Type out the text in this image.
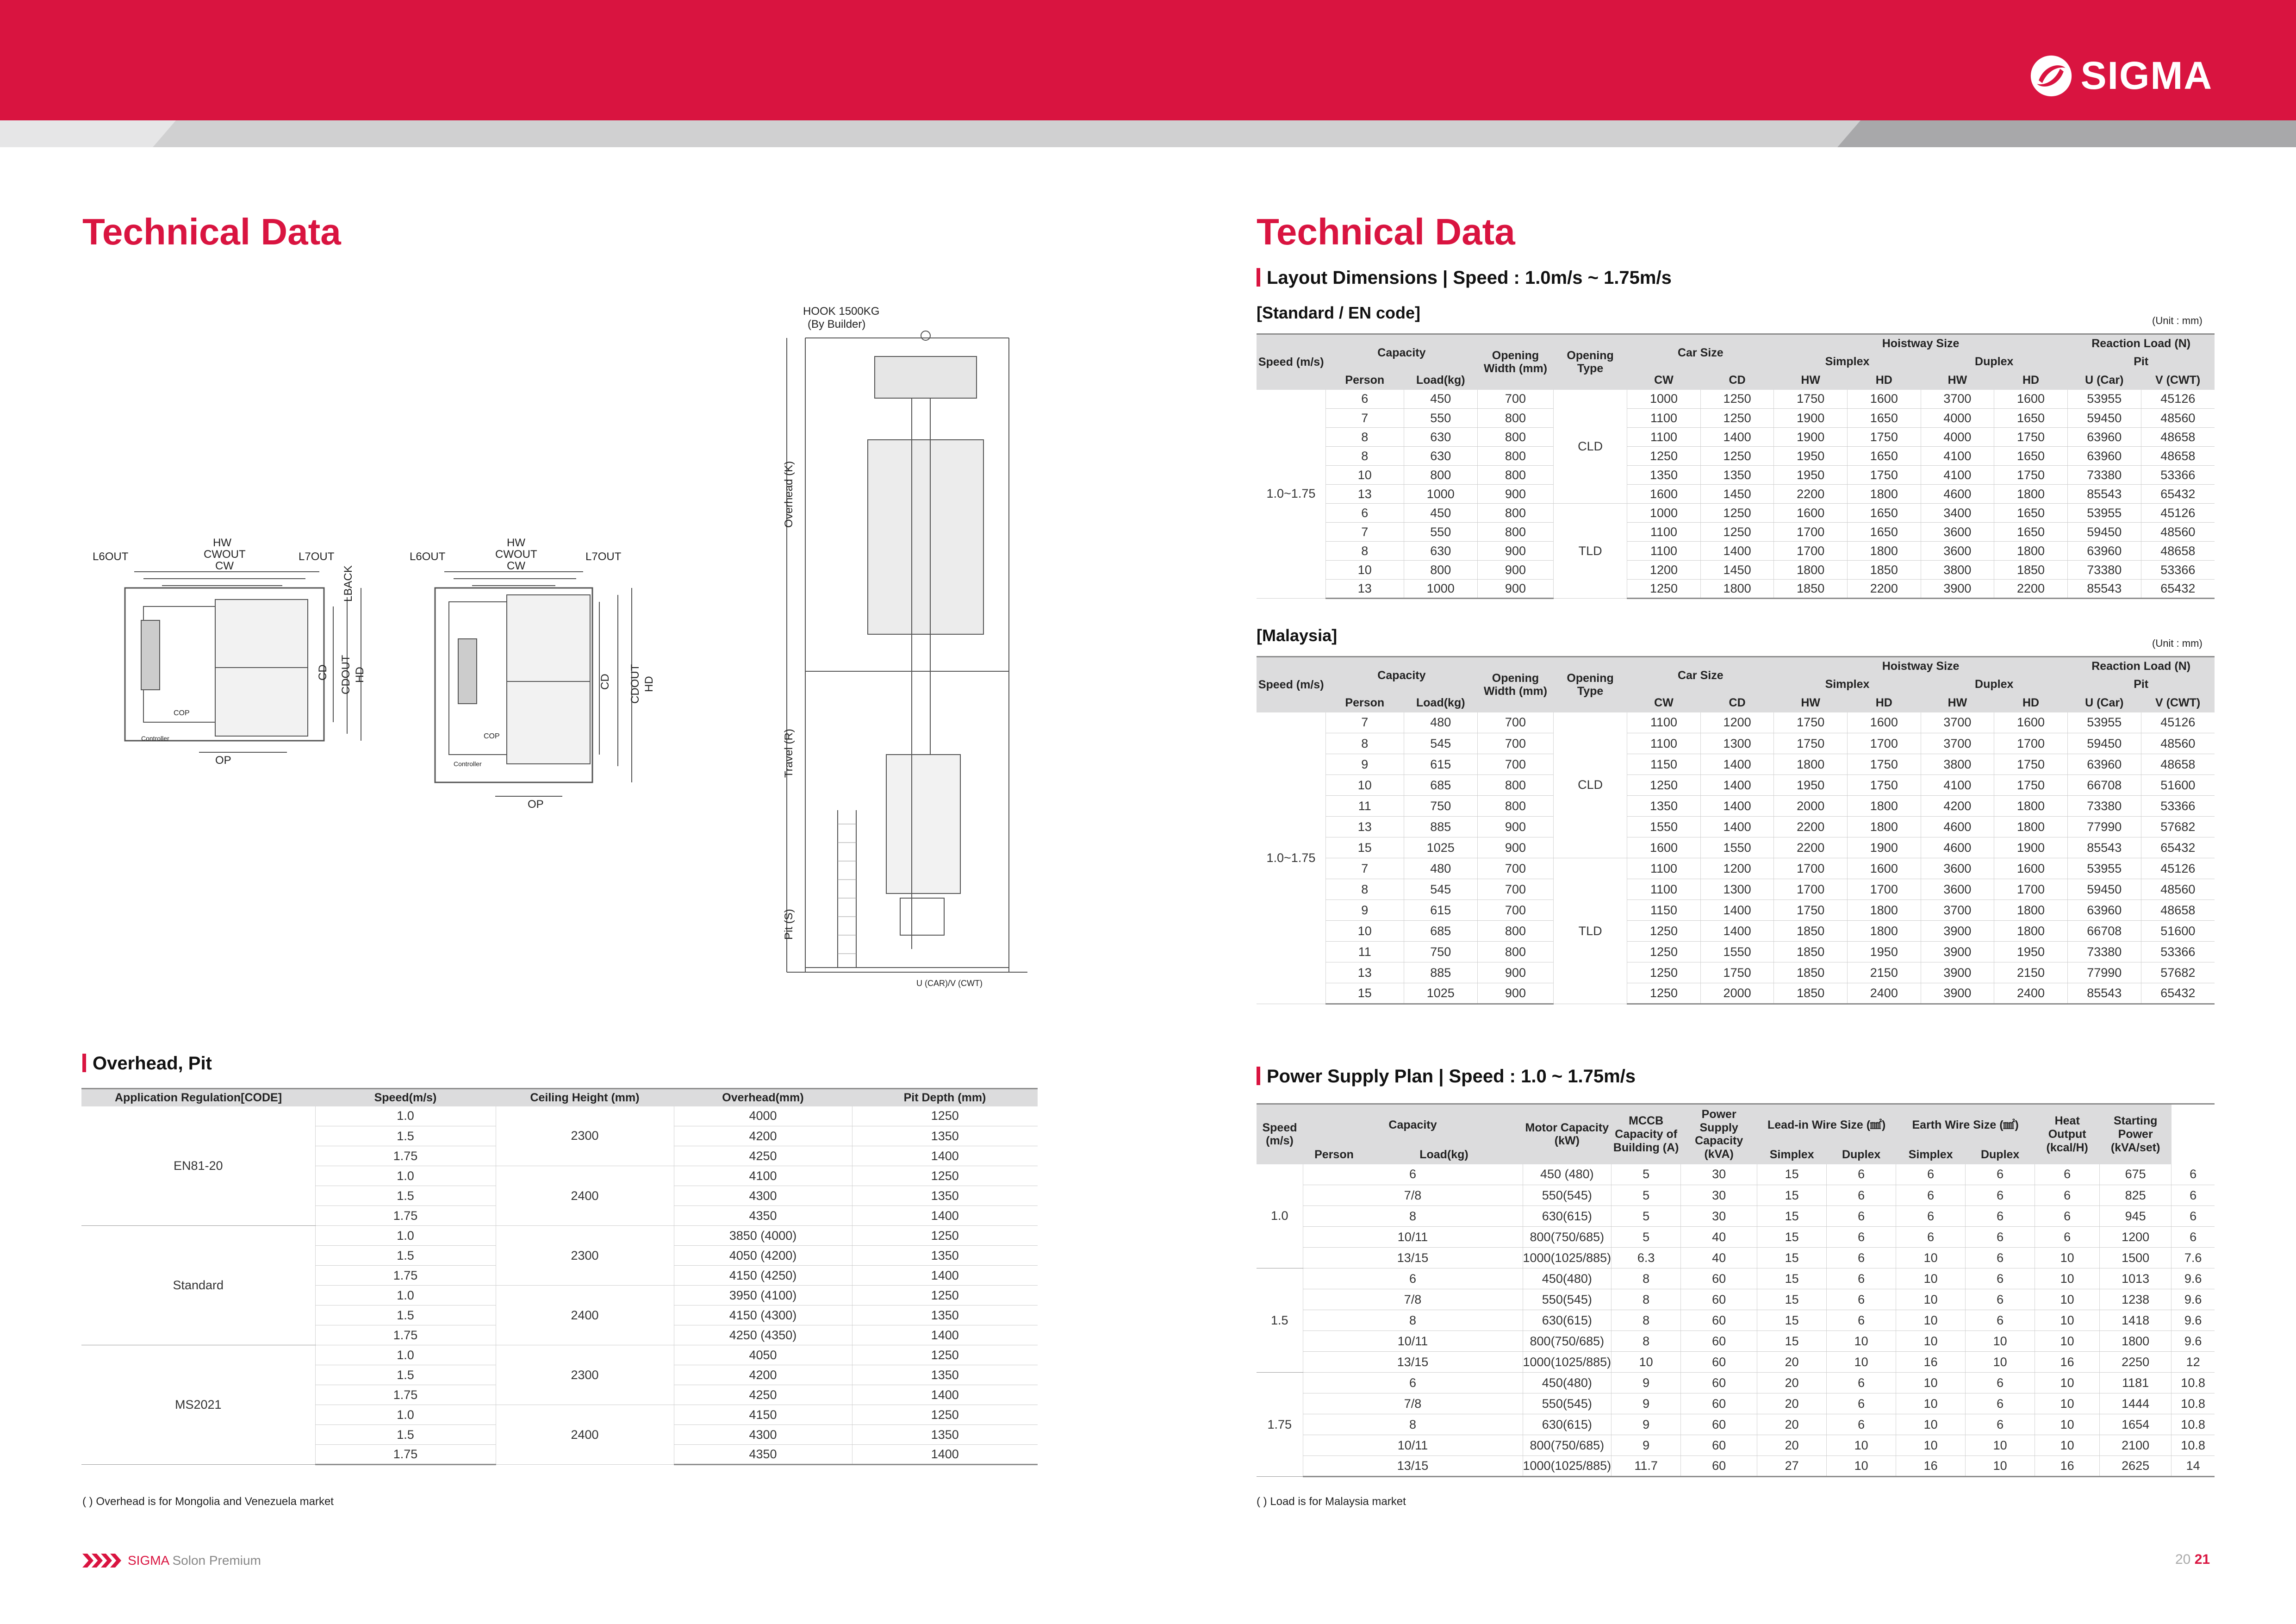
SIGMA
Technical Data
HW
CWOUT
CW
L6OUT	L7OUT
OP
COP
Controller
CD CDOUT HD
LBACK
HW
CWOUT
CW
L6OUT	L7OUT
OP
COP
Controller
CD CDOUT HD
HOOK 1500KG
(By Builder)
Overhead (K)
Travel (R)
Pit (S)
U (CAR)/V (CWT)
Overhead, Pit
Application Regulation[CODE]	Speed(m/s)	Ceiling Height (mm)	Overhead(mm)	Pit Depth (mm)
EN81-20	1.0	2300	4000	1250
	1.5		4200	1350
	1.75		4250	1400
	1.0	2400	4100	1250
	1.5		4300	1350
	1.75		4350	1400
Standard	1.0	2300	3850 (4000)	1250
	1.5		4050 (4200)	1350
	1.75		4150 (4250)	1400
	1.0	2400	3950 (4100)	1250
	1.5		4150 (4300)	1350
	1.75		4250 (4350)	1400
MS2021	1.0	2300	4050	1250
	1.5		4200	1350
	1.75		4250	1400
	1.0	2400	4150	1250
	1.5		4300	1350
	1.75		4350	1400
( ) Overhead is for Mongolia and Venezuela market
Technical Data
Layout Dimensions | Speed : 1.0m/s ~ 1.75m/s
[Standard / EN code]	(Unit : mm)
Speed (m/s)	Capacity		Opening Width (mm)	Opening Type	Car Size		Hoistway Size				Reaction Load (N)	
							Simplex		Duplex		Pit	
	Person	Load(kg)			CW	CD	HW	HD	HW	HD	U (Car)	V (CWT)
1.0~1.75	6	450	700	CLD	1000	1250	1750	1600	3700	1600	53955	45126
	7	550	800		1100	1250	1900	1650	4000	1650	59450	48560
	8	630	800		1100	1400	1900	1750	4000	1750	63960	48658
	8	630	800		1250	1250	1950	1650	4100	1650	63960	48658
	10	800	800		1350	1350	1950	1750	4100	1750	73380	53366
	13	1000	900		1600	1450	2200	1800	4600	1800	85543	65432
	6	450	800	TLD	1000	1250	1600	1650	3400	1650	53955	45126
	7	550	800		1100	1250	1700	1650	3600	1650	59450	48560
	8	630	900		1100	1400	1700	1800	3600	1800	63960	48658
	10	800	900		1200	1450	1800	1850	3800	1850	73380	53366
	13	1000	900		1250	1800	1850	2200	3900	2200	85543	65432
[Malaysia]	(Unit : mm)
Speed (m/s)	Capacity		Opening Width (mm)	Opening Type	Car Size		Hoistway Size				Reaction Load (N)	
							Simplex		Duplex		Pit	
	Person	Load(kg)			CW	CD	HW	HD	HW	HD	U (Car)	V (CWT)
1.0~1.75	7	480	700	CLD	1100	1200	1750	1600	3700	1600	53955	45126
	8	545	700		1100	1300	1750	1700	3700	1700	59450	48560
	9	615	700		1150	1400	1800	1750	3800	1750	63960	48658
	10	685	800		1250	1400	1950	1750	4100	1750	66708	51600
	11	750	800		1350	1400	2000	1800	4200	1800	73380	53366
	13	885	900		1550	1400	2200	1800	4600	1800	77990	57682
	15	1025	900		1600	1550	2200	1900	4600	1900	85543	65432
	7	480	700	TLD	1100	1200	1700	1600	3600	1600	53955	45126
	8	545	700		1100	1300	1700	1700	3600	1700	59450	48560
	9	615	700		1150	1400	1750	1800	3700	1800	63960	48658
	10	685	800		1250	1400	1850	1800	3900	1800	66708	51600
	11	750	800		1250	1550	1850	1950	3900	1950	73380	53366
	13	885	900		1250	1750	1850	2150	3900	2150	77990	57682
	15	1025	900		1250	2000	1850	2400	3900	2400	85543	65432
Power Supply Plan | Speed : 1.0 ~ 1.75m/s
Speed (m/s)	Capacity		Motor Capacity (kW)	MCCB Capacity of Building (A)	Power Supply Capacity (kVA)	Lead-in Wire Size (㎟)		Earth Wire Size (㎟)		Heat Output (kcal/H)	Starting Power (kVA/set)	
	Person	Load(kg)				Simplex	Duplex	Simplex	Duplex			
1.0	6		450 (480)	5	30	15	6	6	6	6	675	6
	7/8		550(545)	5	30	15	6	6	6	6	825	6
	8		630(615)	5	30	15	6	6	6	6	945	6
	10/11		800(750/685)	5	40	15	6	6	6	6	1200	6
	13/15		1000(1025/885)	6.3	40	15	6	10	6	10	1500	7.6
1.5	6		450(480)	8	60	15	6	10	6	10	1013	9.6
	7/8		550(545)	8	60	15	6	10	6	10	1238	9.6
	8		630(615)	8	60	15	6	10	6	10	1418	9.6
	10/11		800(750/685)	8	60	15	10	10	10	10	1800	9.6
	13/15		1000(1025/885)	10	60	20	10	16	10	16	2250	12
1.75	6		450(480)	9	60	20	6	10	6	10	1181	10.8
	7/8		550(545)	9	60	20	6	10	6	10	1444	10.8
	8		630(615)	9	60	20	6	10	6	10	1654	10.8
	10/11		800(750/685)	9	60	20	10	10	10	10	2100	10.8
	13/15		1000(1025/885)	11.7	60	27	10	16	10	16	2625	14
( ) Load is for Malaysia market
SIGMA Solon Premium	20 21
